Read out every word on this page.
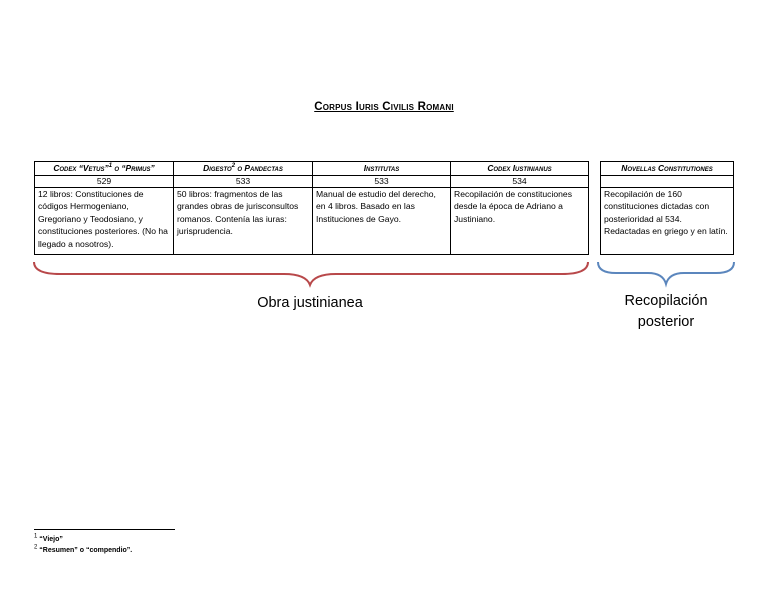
Corpus Iuris Civilis Romani
Codex “Vetus”$^1$ o “Primus”	Digesto$^2$ o Pandectas	Institutas	Codex Iustinianus
529	533	533	534
12 libros: Constituciones de códigos Hermogeniano, Gregoriano y Teodosiano, y constituciones posteriores. (No ha llegado a nosotros).	50 libros: fragmentos de las grandes obras de jurisconsultos romanos. Contenía las iuras: jurisprudencia.	Manual de estudio del derecho, en 4 libros. Basado en las Instituciones de Gayo.	Recopilación de constituciones desde la época de Adriano a Justiniano.
Novellas Constitutiones

Recopilación de 160 constituciones dictadas con posterioridad al 534. Redactadas en griego y en latín.
Obra justinianea	Recopilación posterior
$^1$ “Viejo”
$^2$ “Resumen” o “compendio”.
